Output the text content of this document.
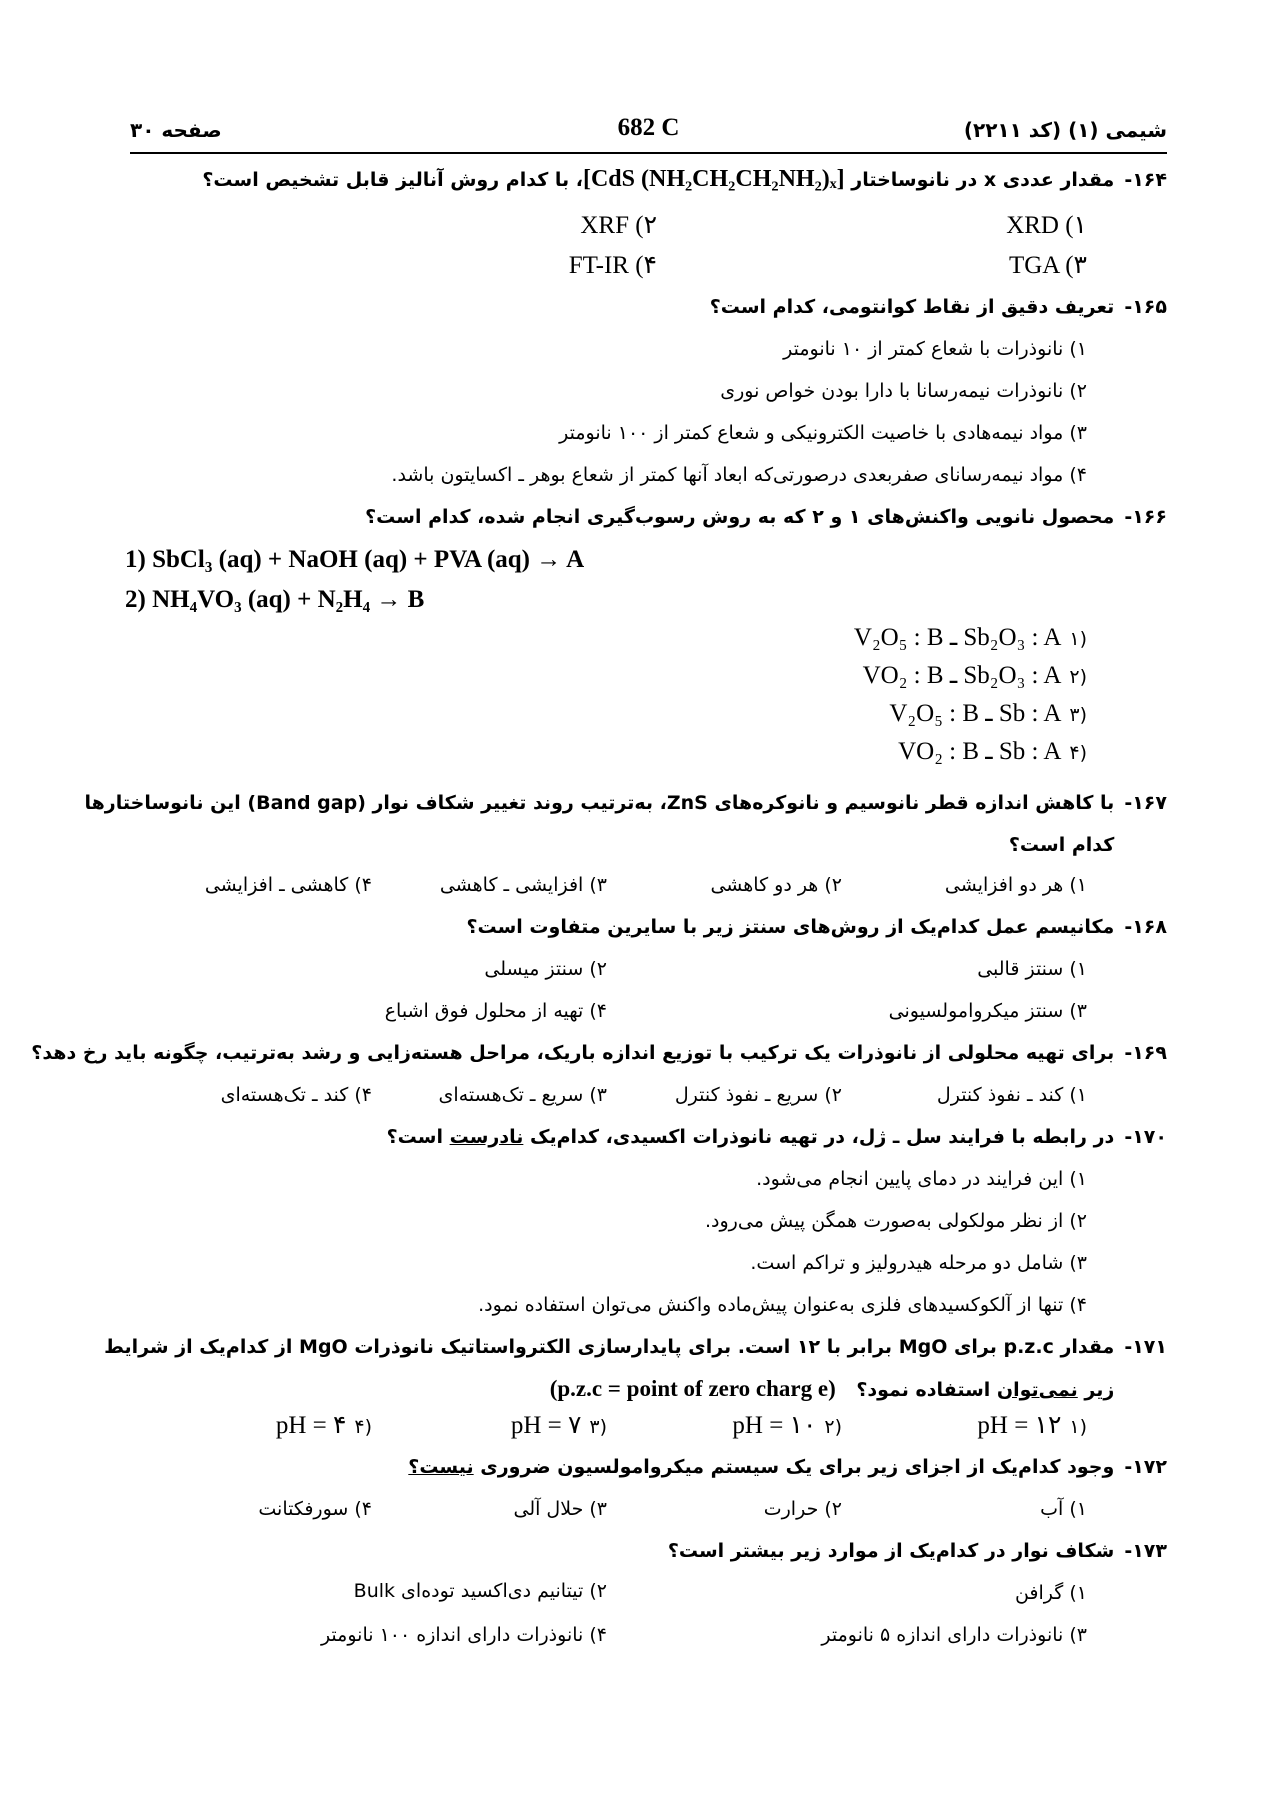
شیمی (۱) (کد ۲۲۱۱)
682 C
صفحه ۳۰
۱۶۴-مقدار عددی x در نانوساختار [CdS (NH₂CH₂CH₂NH₂)ₓ]، با کدام روش آنالیز قابل تشخیص است؟
XRD (۱
XRF (۲
TGA (۳
FT-IR (۴
۱۶۵-تعریف دقیق از نقاط کوانتومی، کدام است؟
۱) نانوذرات با شعاع کمتر از ۱۰ نانومتر
۲) نانوذرات نیمه‌رسانا با دارا بودن خواص نوری
۳) مواد نیمه‌هادی با خاصیت الکترونیکی و شعاع کمتر از ۱۰۰ نانومتر
۴) مواد نیمه‌رسانای صفربعدی درصورتی‌که ابعاد آنها کمتر از شعاع بوهر ـ اکسایتون باشد.
۱۶۶-محصول نانویی واکنش‌های ۱ و ۲ که به روش رسوب‌گیری انجام شده، کدام است؟
1) SbCl₃ (aq) + NaOH (aq) + PVA (aq) → A
2) NH₄VO₃ (aq) + N₂H₄ → B
(۱ V₂O₅ : B ـ Sb₂O₃ : A
(۲ VO₂ : B ـ Sb₂O₃ : A
(۳ V₂O₅ : B ـ Sb : A
(۴ VO₂ : B ـ Sb : A
۱۶۷-با کاهش اندازه قطر نانوسیم و نانوکره‌های ZnS، به‌ترتیب روند تغییر شکاف نوار (Band gap) این نانوساختارها
کدام است؟
۱) هر دو افزایشی
۲) هر دو کاهشی
۳) افزایشی ـ کاهشی
۴) کاهشی ـ افزایشی
۱۶۸-مکانیسم عمل کدام‌یک از روش‌های سنتز زیر با سایرین متفاوت است؟
۱) سنتز قالبی
۲) سنتز میسلی
۳) سنتز میکروامولسیونی
۴) تهیه از محلول فوق اشباع
۱۶۹-برای تهیه محلولی از نانوذرات یک ترکیب با توزیع اندازه باریک، مراحل هسته‌زایی و رشد به‌ترتیب، چگونه باید رخ دهد؟
۱) کند ـ نفوذ کنترل
۲) سریع ـ نفوذ کنترل
۳) سریع ـ تک‌هسته‌ای
۴) کند ـ تک‌هسته‌ای
۱۷۰-در رابطه با فرایند سل ـ ژل، در تهیه نانوذرات اکسیدی، کدام‌یک نادرست است؟
۱) این فرایند در دمای پایین انجام می‌شود.
۲) از نظر مولکولی به‌صورت همگن پیش می‌رود.
۳) شامل دو مرحله هیدرولیز و تراکم است.
۴) تنها از آلکوکسیدهای فلزی به‌عنوان پیش‌ماده واکنش می‌توان استفاده نمود.
۱۷۱-مقدار p.z.c برای MgO برابر با ۱۲ است. برای پایدارسازی الکترواستاتیک نانوذرات MgO از کدام‌یک از شرایط
زیر نمی‌توان استفاده نمود؟ (p.z.c = point of zero charg e)
(۱ pH = ۱۲
(۲ pH = ۱۰
(۳ pH = ۷
(۴ pH = ۴
۱۷۲-وجود کدام‌یک از اجزای زیر برای یک سیستم میکروامولسیون ضروری نیست؟
۱) آب
۲) حرارت
۳) حلال آلی
۴) سورفکتانت
۱۷۳-شکاف نوار در کدام‌یک از موارد زیر بیشتر است؟
۱) گرافن
۲) تیتانیم دی‌اکسید توده‌ای Bulk
۳) نانوذرات دارای اندازه ۵ نانومتر
۴) نانوذرات دارای اندازه ۱۰۰ نانومتر
